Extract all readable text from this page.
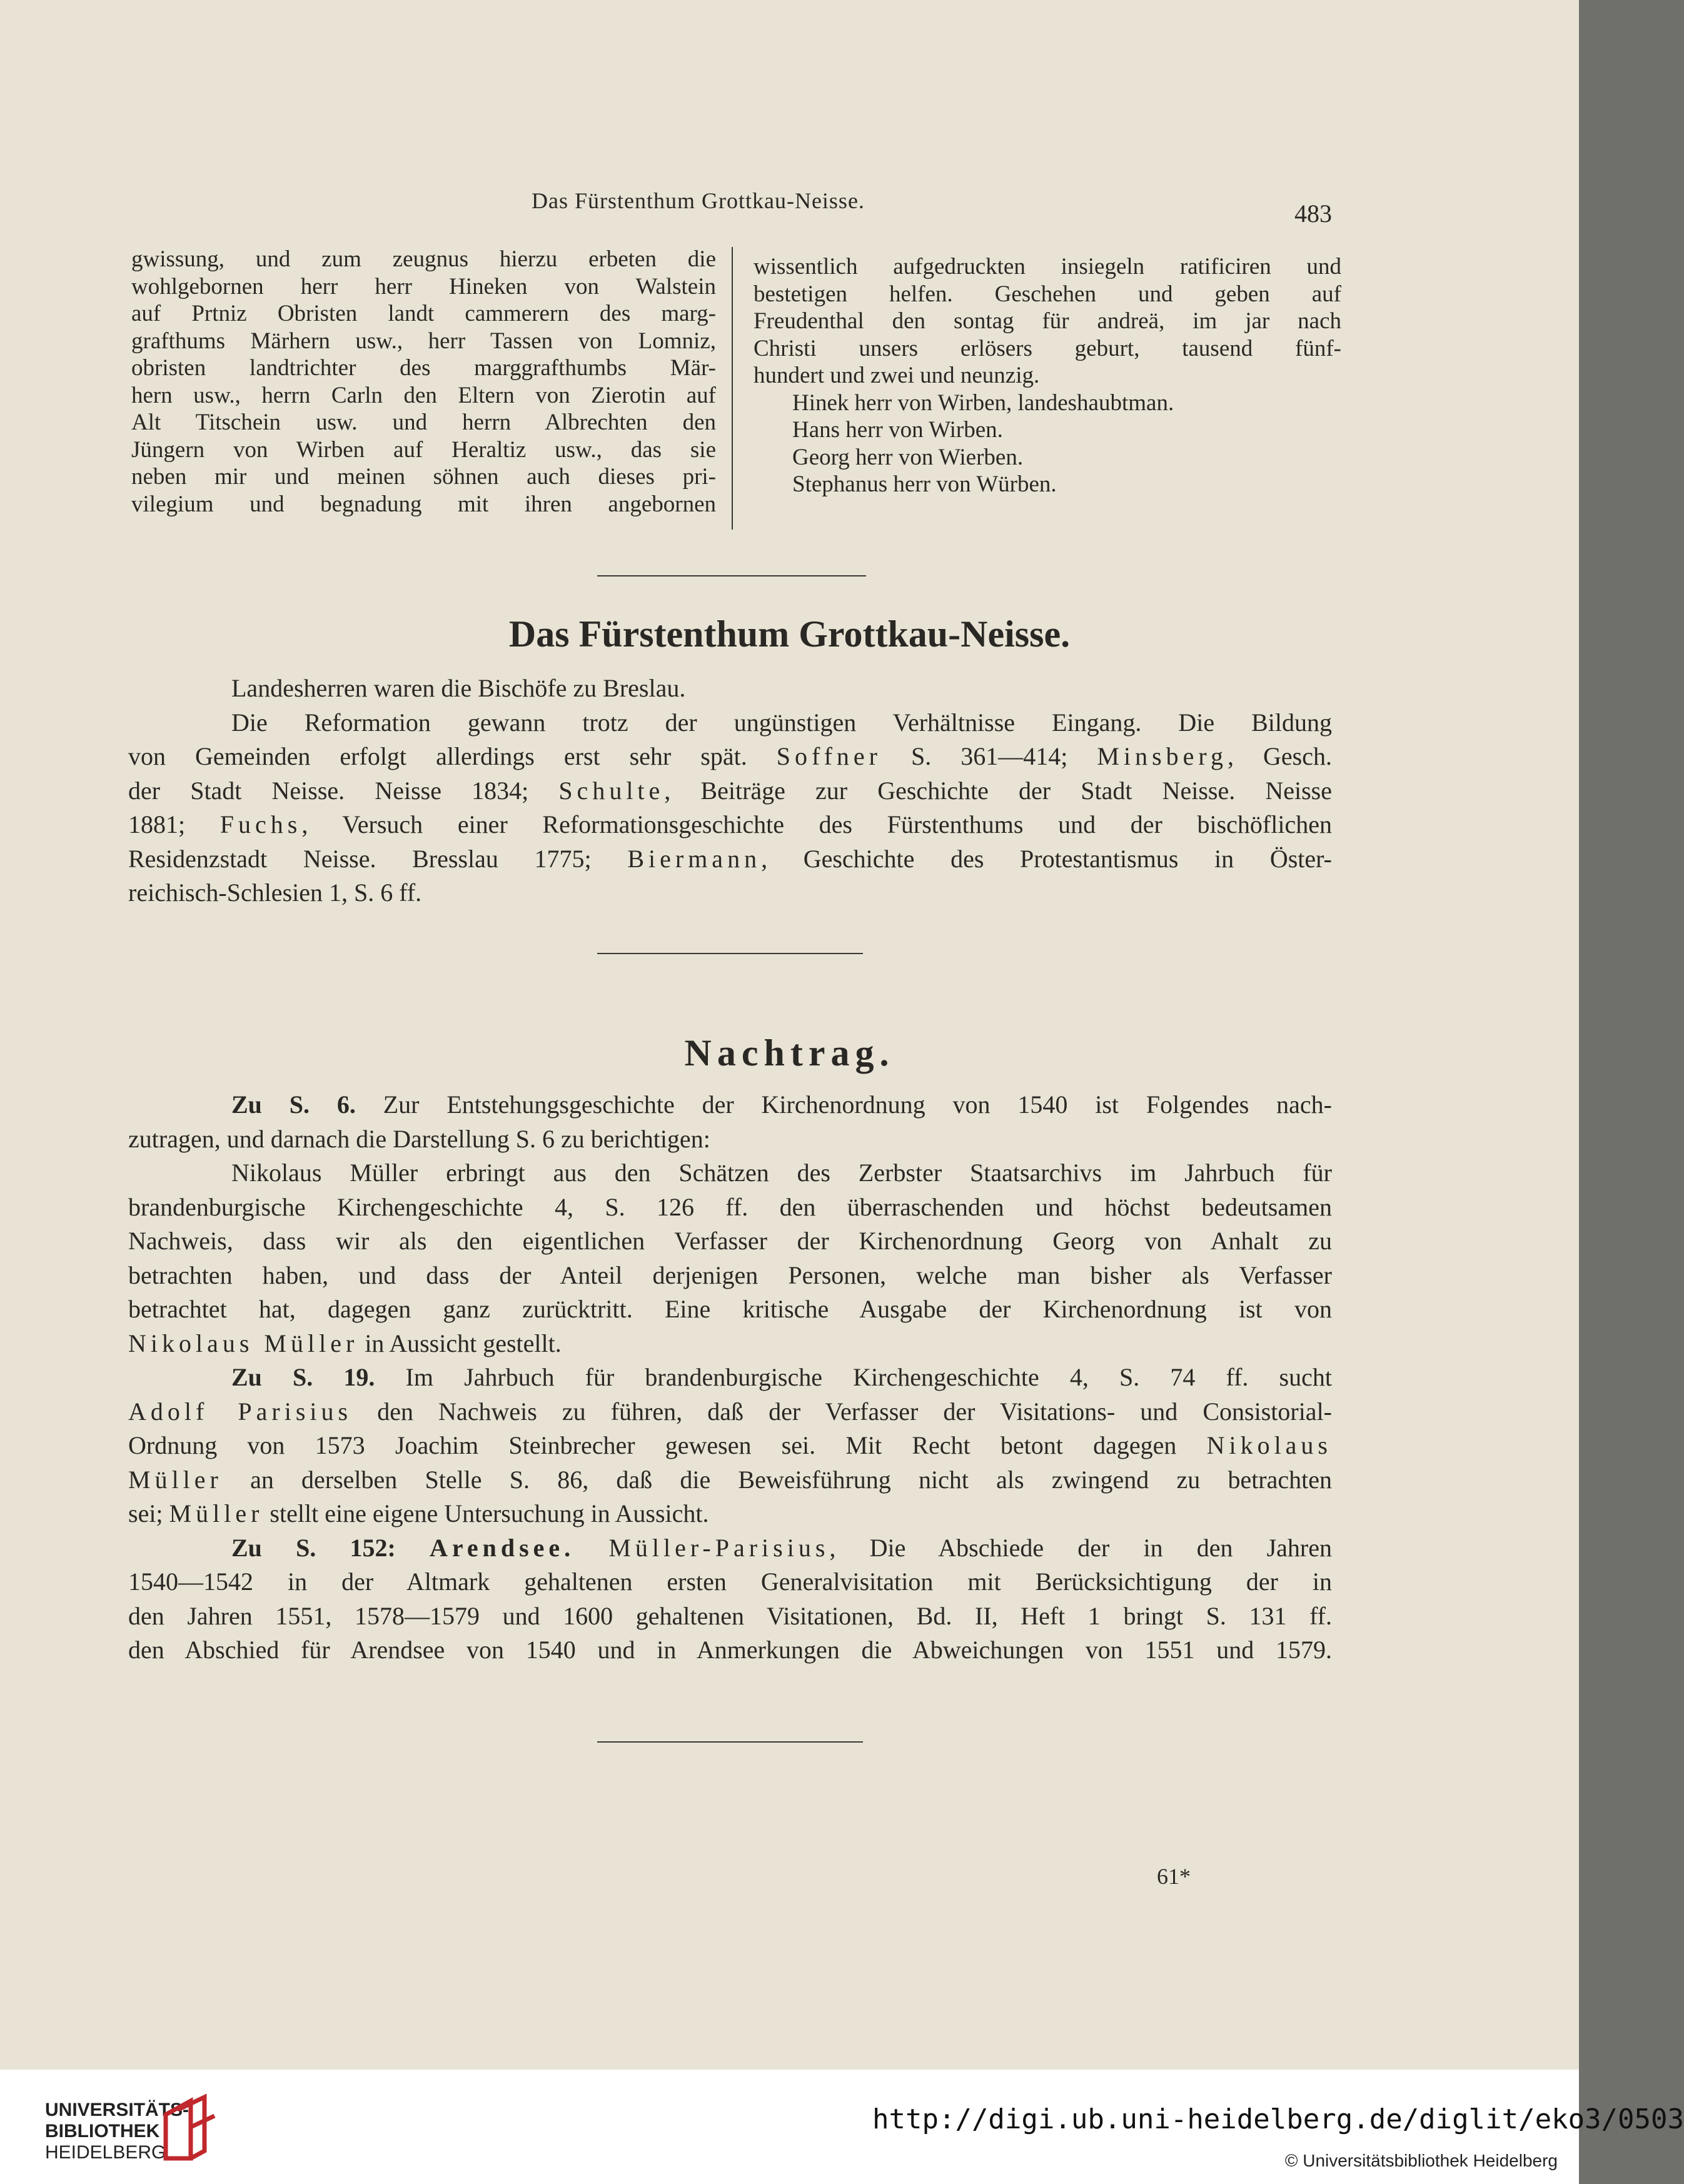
Das Fürstenthum Grottkau-Neisse.	483

gwissung, und zum zeugnus hierzu erbeten die

wohlgebornen herr herr Hineken von Walstein

auf Prtniz Obristen landt cammerern des marg-

grafthums Märhern usw., herr Tassen von Lomniz,

obristen landtrichter des marggrafthumbs Mär-

hern usw., herrn Carln den Eltern von Zierotin auf

Alt Titschein usw. und herrn Albrechten den

Jüngern von Wirben auf Heraltiz usw., das sie

neben mir und meinen söhnen auch dieses pri-

vilegium und begnadung mit ihren angebornen

wissentlich aufgedruckten insiegeln ratificiren und

bestetigen helfen. Geschehen und geben auf

Freudenthal den sontag für andreä, im jar nach

Christi unsers erlösers geburt, tausend fünf-

hundert und zwei und neunzig.

Hinek herr von Wirben, landeshaubtman.

Hans herr von Wirben.

Georg herr von Wierben.

Stephanus herr von Würben.

Das Fürstenthum Grottkau-Neisse.

Landesherren waren die Bischöfe zu Breslau.

Die Reformation gewann trotz der ungünstigen Verhältnisse Eingang. Die Bildung

von Gemeinden erfolgt allerdings erst sehr spät. Soffner S. 361—414; Minsberg, Gesch.

der Stadt Neisse. Neisse 1834; Schulte, Beiträge zur Geschichte der Stadt Neisse. Neisse

1881; Fuchs, Versuch einer Reformationsgeschichte des Fürstenthums und der bischöflichen

Residenzstadt Neisse. Bresslau 1775; Biermann, Geschichte des Protestantismus in Öster-

reichisch-Schlesien 1, S. 6 ff.

Nachtrag.

Zu S. 6. Zur Entstehungsgeschichte der Kirchenordnung von 1540 ist Folgendes nach-

zutragen, und darnach die Darstellung S. 6 zu berichtigen:

Nikolaus Müller erbringt aus den Schätzen des Zerbster Staatsarchivs im Jahrbuch für

brandenburgische Kirchengeschichte 4, S. 126 ff. den überraschenden und höchst bedeutsamen

Nachweis, dass wir als den eigentlichen Verfasser der Kirchenordnung Georg von Anhalt zu

betrachten haben, und dass der Anteil derjenigen Personen, welche man bisher als Verfasser

betrachtet hat, dagegen ganz zurücktritt. Eine kritische Ausgabe der Kirchenordnung ist von

Nikolaus Müller in Aussicht gestellt.

Zu S. 19. Im Jahrbuch für brandenburgische Kirchengeschichte 4, S. 74 ff. sucht

Adolf Parisius den Nachweis zu führen, daß der Verfasser der Visitations- und Consistorial-

Ordnung von 1573 Joachim Steinbrecher gewesen sei. Mit Recht betont dagegen Nikolaus

Müller an derselben Stelle S. 86, daß die Beweisführung nicht als zwingend zu betrachten

sei; Müller stellt eine eigene Untersuchung in Aussicht.

Zu S. 152: Arendsee. Müller-Parisius, Die Abschiede der in den Jahren

1540—1542 in der Altmark gehaltenen ersten Generalvisitation mit Berücksichtigung der in

den Jahren 1551, 1578—1579 und 1600 gehaltenen Visitationen, Bd. II, Heft 1 bringt S. 131 ff.

den Abschied für Arendsee von 1540 und in Anmerkungen die Abweichungen von 1551 und 1579.

61*
UNIVERSITÄTS-
BIBLIOTHEK
HEIDELBERG
http://digi.ub.uni-heidelberg.de/diglit/eko3/0503
© Universitätsbibliothek Heidelberg
